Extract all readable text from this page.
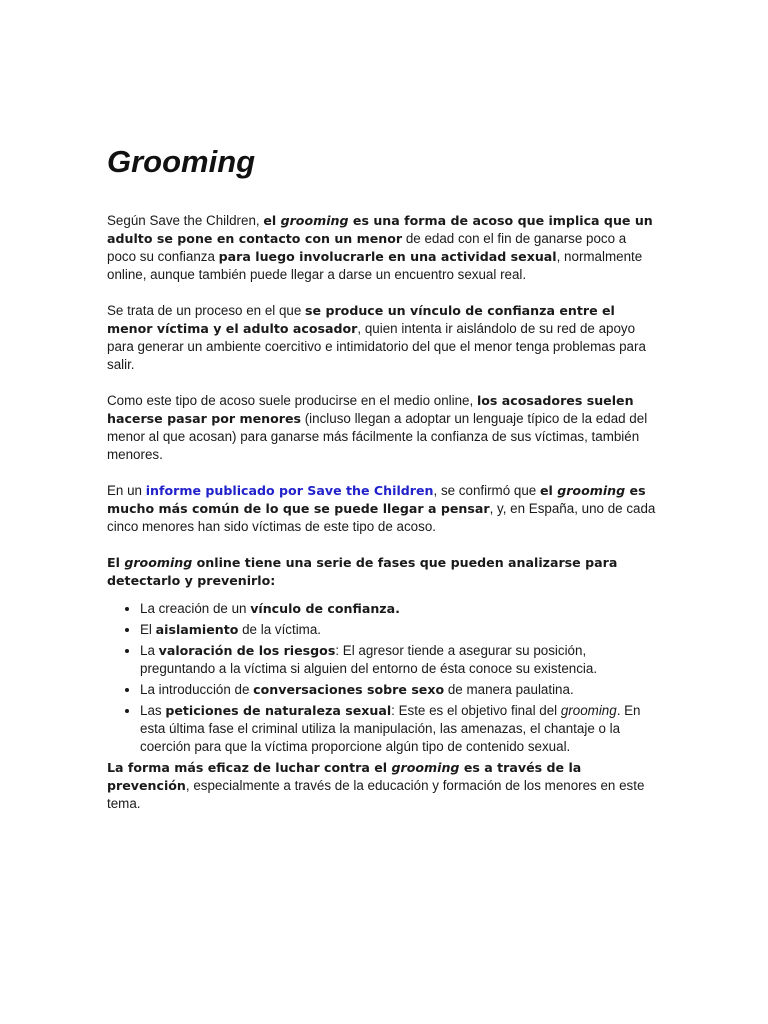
Grooming

Según Save the Children, el grooming es una forma de acoso que implica que un adulto se pone en contacto con un menor de edad con el fin de ganarse poco a poco su confianza para luego involucrarle en una actividad sexual, normalmente online, aunque también puede llegar a darse un encuentro sexual real.

Se trata de un proceso en el que se produce un vínculo de confianza entre el menor víctima y el adulto acosador, quien intenta ir aislándolo de su red de apoyo para generar un ambiente coercitivo e intimidatorio del que el menor tenga problemas para salir.

Como este tipo de acoso suele producirse en el medio online, los acosadores suelen hacerse pasar por menores (incluso llegan a adoptar un lenguaje típico de la edad del menor al que acosan) para ganarse más fácilmente la confianza de sus víctimas, también menores.

En un informe publicado por Save the Children, se confirmó que el grooming es mucho más común de lo que se puede llegar a pensar, y, en España, uno de cada cinco menores han sido víctimas de este tipo de acoso.

El grooming online tiene una serie de fases que pueden analizarse para detectarlo y prevenirlo:

• La creación de un vínculo de confianza.
• El aislamiento de la víctima.
• La valoración de los riesgos: El agresor tiende a asegurar su posición, preguntando a la víctima si alguien del entorno de ésta conoce su existencia.
• La introducción de conversaciones sobre sexo de manera paulatina.
• Las peticiones de naturaleza sexual: Este es el objetivo final del grooming. En esta última fase el criminal utiliza la manipulación, las amenazas, el chantaje o la coerción para que la víctima proporcione algún tipo de contenido sexual.

La forma más eficaz de luchar contra el grooming es a través de la prevención, especialmente a través de la educación y formación de los menores en este tema.
